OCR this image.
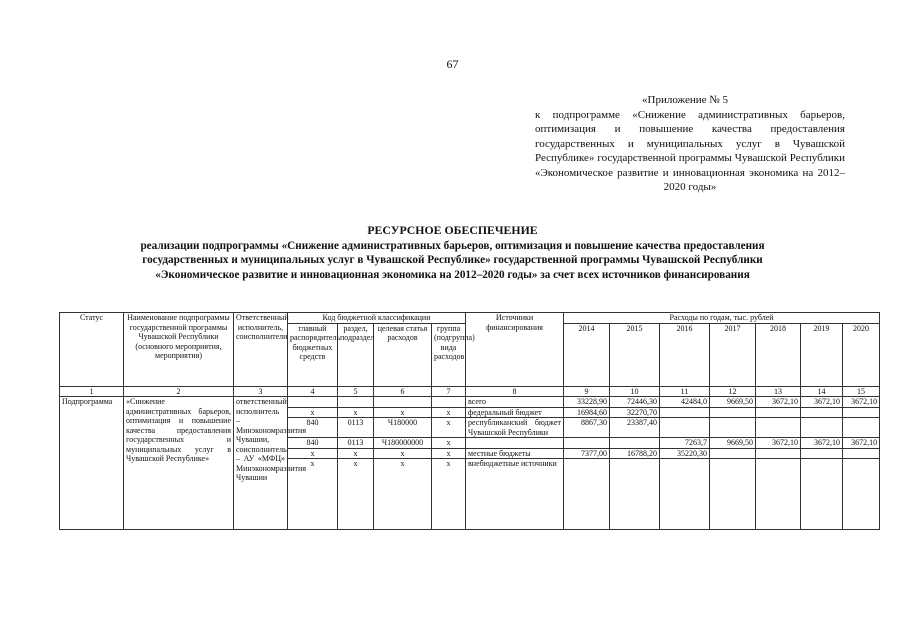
67
«Приложение № 5
к подпрограмме «Снижение административных барьеров, оптимизация и повышение качества предоставления государственных и муниципальных услуг в Чувашской Республике» государственной программы Чувашской Республики «Экономическое развитие и инновационная экономика на 2012–2020 годы»
РЕСУРСНОЕ ОБЕСПЕЧЕНИЕ
реализации подпрограммы «Снижение административных барьеров, оптимизация и повышение качества предоставления
государственных и муниципальных услуг в Чувашской Республике» государственной программы Чувашской Республики
«Экономическое развитие и инновационная экономика на 2012–2020 годы» за счет всех источников финансирования
Статус	Наименование подпрограммы государственной программы Чувашской Республики (основного мероприятия, мероприятия)	Ответственный исполнитель, соисполнители	Код бюджетной классификации				Источники финансирования	Расходы по годам, тыс. рублей						
			главный распорядитель бюджетных средств	раздел, подраздел	целевая статья расходов	группа (подгруппа) вида расходов		2014	2015	2016	2017	2018	2019	2020
1	2	3	4	5	6	7	8	9	10	11	12	13	14	15
Подпрограмма	«Снижение административных барьеров, оптимизация и повышение качества предоставления государственных и муниципальных услуг в Чувашской Республике»	ответственный исполнитель – Минэкономразвития Чувашии, соисполнитель – АУ «МФЦ» Минэкономразвития Чувашии					всего	33228,90	72446,30	42484,0	9669,50	3672,10	3672,10	3672,10
			х	х	х	х	федеральный бюджет	16984,60	32270,70					
			840	0113	Ч180000	х	республиканский бюджет Чувашской Республики	8867,30	23387,40					
			840	0113	Ч180000000	х				7263,7	9669,50	3672,10	3672,10	3672,10
			х	х	х	х	местные бюджеты	7377,00	16788,20	35220,30				
			х	х	х	х	внебюджетные источники							
